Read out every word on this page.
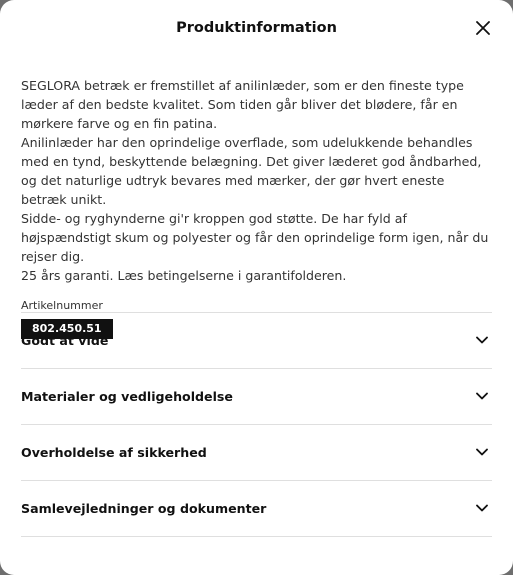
Produktinformation

SEGLORA betræk er fremstillet af anilinlæder, som er den fineste type læder af den bedste kvalitet. Som tiden går bliver det blødere, får en mørkere farve og en fin patina.

Anilinlæder har den oprindelige overflade, som udelukkende behandles med en tynd, beskyttende belægning. Det giver læderet god åndbarhed, og det naturlige udtryk bevares med mærker, der gør hvert eneste betræk unikt.

Sidde- og ryghynderne gi'r kroppen god støtte. De har fyld af højspændstigt skum og polyester og får den oprindelige form igen, når du rejser dig.

25 års garanti. Læs betingelserne i garantifolderen.

Artikelnummer
802.450.51
Godt at vide
Materialer og vedligeholdelse
Overholdelse af sikkerhed
Samlevejledninger og dokumenter
